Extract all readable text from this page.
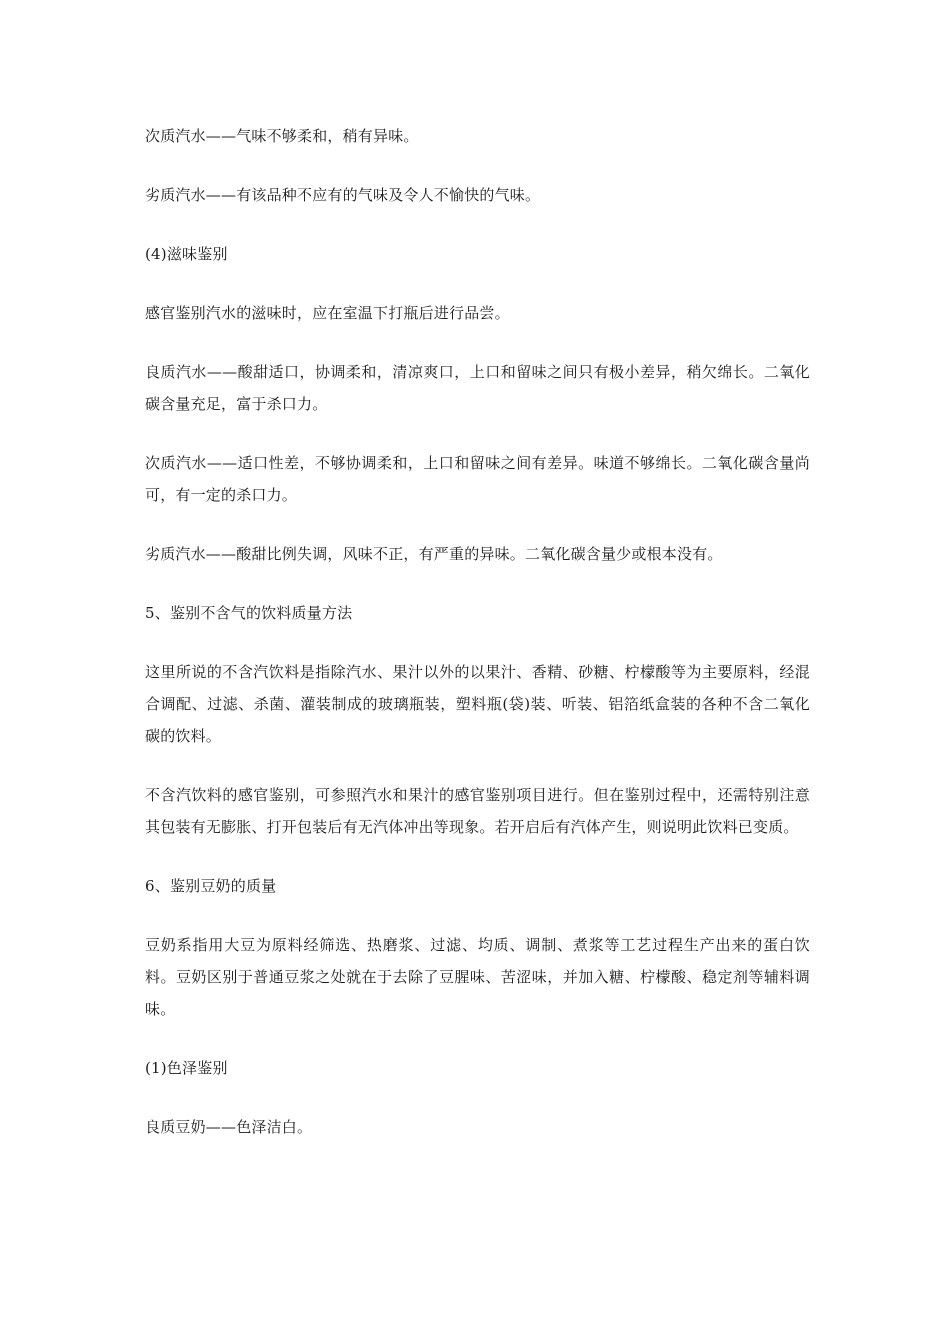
次质汽水——气味不够柔和，稍有异味。

劣质汽水——有该品种不应有的气味及令人不愉快的气味。

(4)滋味鉴别

感官鉴别汽水的滋味时，应在室温下打瓶后进行品尝。

良质汽水——酸甜适口，协调柔和，清凉爽口，上口和留味之间只有极小差异，稍欠绵长。二氧化碳含量充足，富于杀口力。

次质汽水——适口性差，不够协调柔和，上口和留味之间有差异。味道不够绵长。二氧化碳含量尚可，有一定的杀口力。

劣质汽水——酸甜比例失调，风味不正，有严重的异味。二氧化碳含量少或根本没有。

5、鉴别不含气的饮料质量方法

这里所说的不含汽饮料是指除汽水、果汁以外的以果汁、香精、砂糖、柠檬酸等为主要原料，经混合调配、过滤、杀菌、灌装制成的玻璃瓶装，塑料瓶(袋)装、听装、铝箔纸盒装的各种不含二氧化碳的饮料。

不含汽饮料的感官鉴别，可参照汽水和果汁的感官鉴别项目进行。但在鉴别过程中，还需特别注意其包装有无膨胀、打开包装后有无汽体冲出等现象。若开启后有汽体产生，则说明此饮料已变质。

6、鉴别豆奶的质量

豆奶系指用大豆为原料经筛选、热磨浆、过滤、均质、调制、煮浆等工艺过程生产出来的蛋白饮料。豆奶区别于普通豆浆之处就在于去除了豆腥味、苦涩味，并加入糖、柠檬酸、稳定剂等辅料调味。

(1)色泽鉴别

良质豆奶——色泽洁白。
